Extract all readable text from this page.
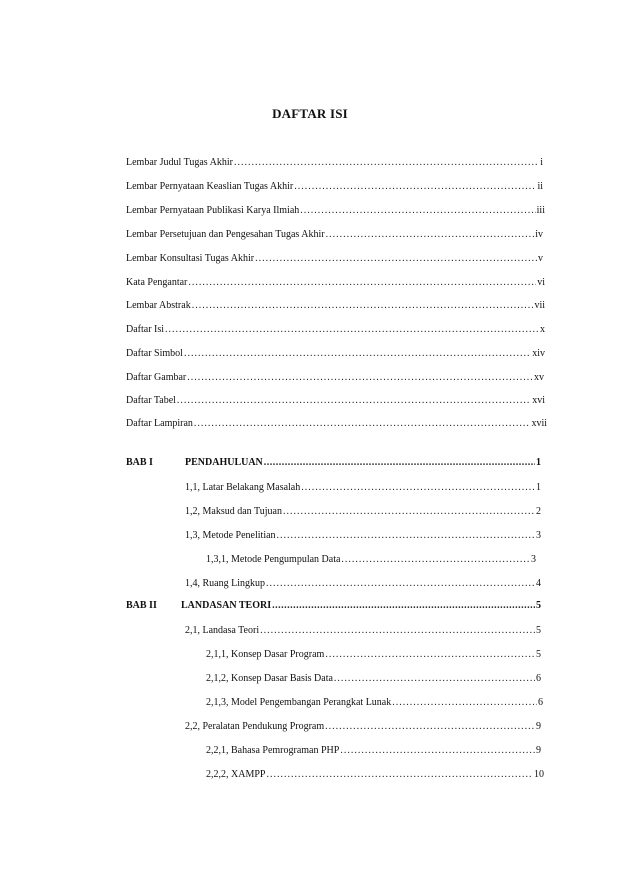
DAFTAR ISI
Lembar Judul Tugas Akhir .....	i
Lembar Pernyataan Keaslian Tugas Akhir .....	ii
Lembar Pernyataan Publikasi Karya Ilmiah .....	iii
Lembar Persetujuan dan Pengesahan Tugas Akhir .....	iv
Lembar Konsultasi Tugas Akhir .....	v
Kata Pengantar .....	vi
Lembar Abstrak .....	vii
Daftar Isi .....	x
Daftar Simbol .....	xiv
Daftar Gambar .....	xv
Daftar Tabel .....	xvi
Daftar Lampiran .....	xvii
BAB I	PENDAHULUAN .....	1
1,1, Latar Belakang Masalah .....	1
1,2, Maksud dan Tujuan .....	2
1,3, Metode Penelitian .....	3
1,3,1, Metode Pengumpulan Data .....	3
1,4, Ruang Lingkup .....	4
BAB II LANDASAN TEORI .....	5
2,1, Landasa Teori .....	5
2,1,1, Konsep Dasar Program .....	5
2,1,2, Konsep Dasar Basis Data .....	6
2,1,3, Model Pengembangan Perangkat Lunak .....	6
2,2, Peralatan Pendukung Program .....	9
2,2,1, Bahasa Pemrograman PHP .....	9
2,2,2, XAMPP .....	10
